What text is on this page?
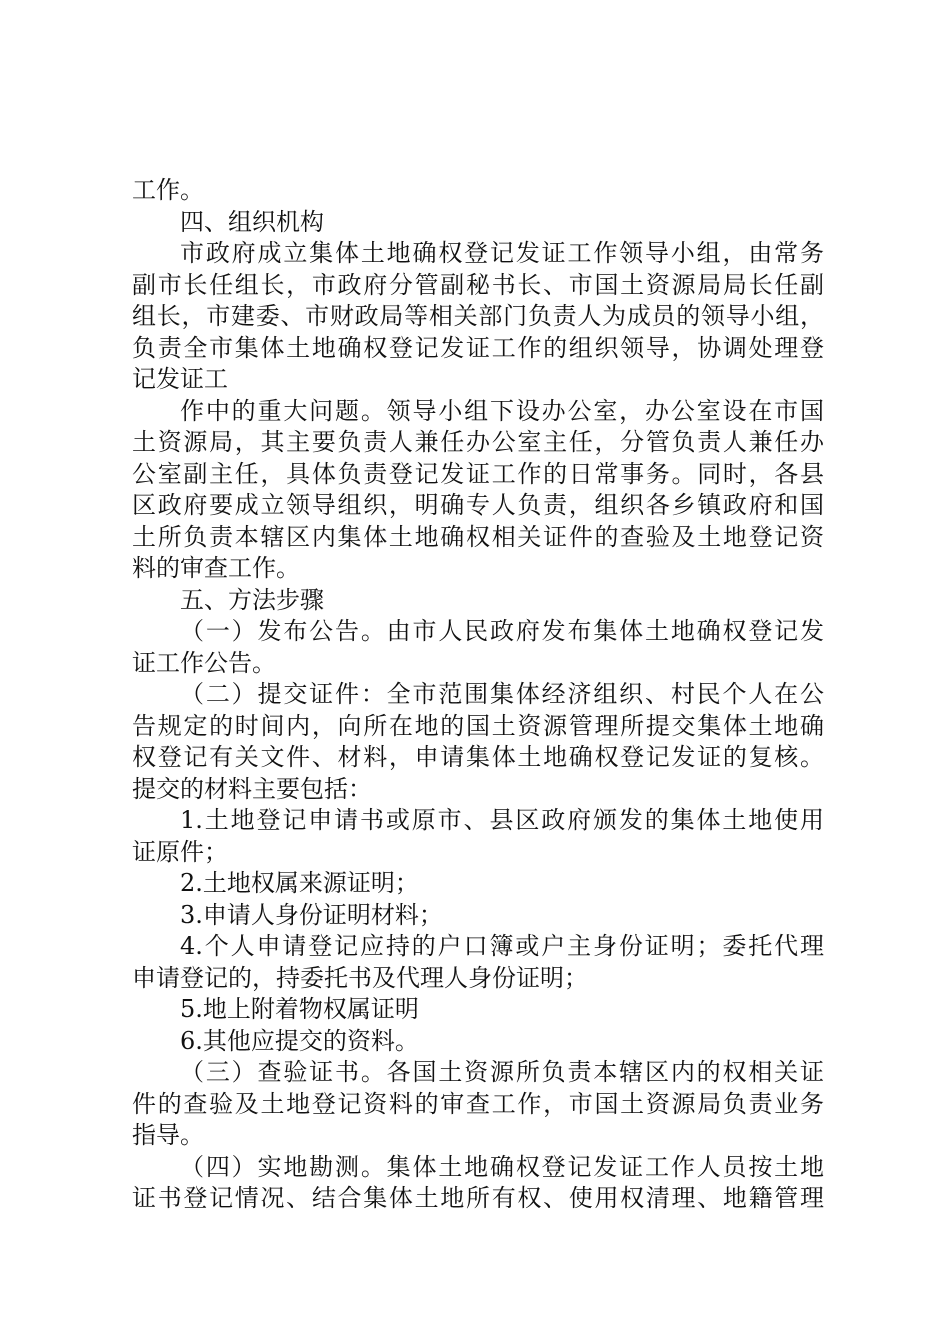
工作。
四、组织机构
市政府成立集体土地确权登记发证工作领导小组，由常务
副市长任组长，市政府分管副秘书长、市国土资源局局长任副
组长，市建委、市财政局等相关部门负责人为成员的领导小组，
负责全市集体土地确权登记发证工作的组织领导，协调处理登
记发证工
作中的重大问题。领导小组下设办公室，办公室设在市国
土资源局，其主要负责人兼任办公室主任，分管负责人兼任办
公室副主任，具体负责登记发证工作的日常事务。同时，各县
区政府要成立领导组织，明确专人负责，组织各乡镇政府和国
土所负责本辖区内集体土地确权相关证件的查验及土地登记资
料的审查工作。
五、方法步骤
（一）发布公告。由市人民政府发布集体土地确权登记发
证工作公告。
（二）提交证件：全市范围集体经济组织、村民个人在公
告规定的时间内，向所在地的国土资源管理所提交集体土地确
权登记有关文件、材料，申请集体土地确权登记发证的复核。
提交的材料主要包括：
1.土地登记申请书或原市、县区政府颁发的集体土地使用
证原件；
2.土地权属来源证明；
3.申请人身份证明材料；
4.个人申请登记应持的户口簿或户主身份证明；委托代理
申请登记的，持委托书及代理人身份证明；
5.地上附着物权属证明
6.其他应提交的资料。
（三）查验证书。各国土资源所负责本辖区内的权相关证
件的查验及土地登记资料的审查工作，市国土资源局负责业务
指导。
（四）实地勘测。集体土地确权登记发证工作人员按土地
证书登记情况、结合集体土地所有权、使用权清理、地籍管理
